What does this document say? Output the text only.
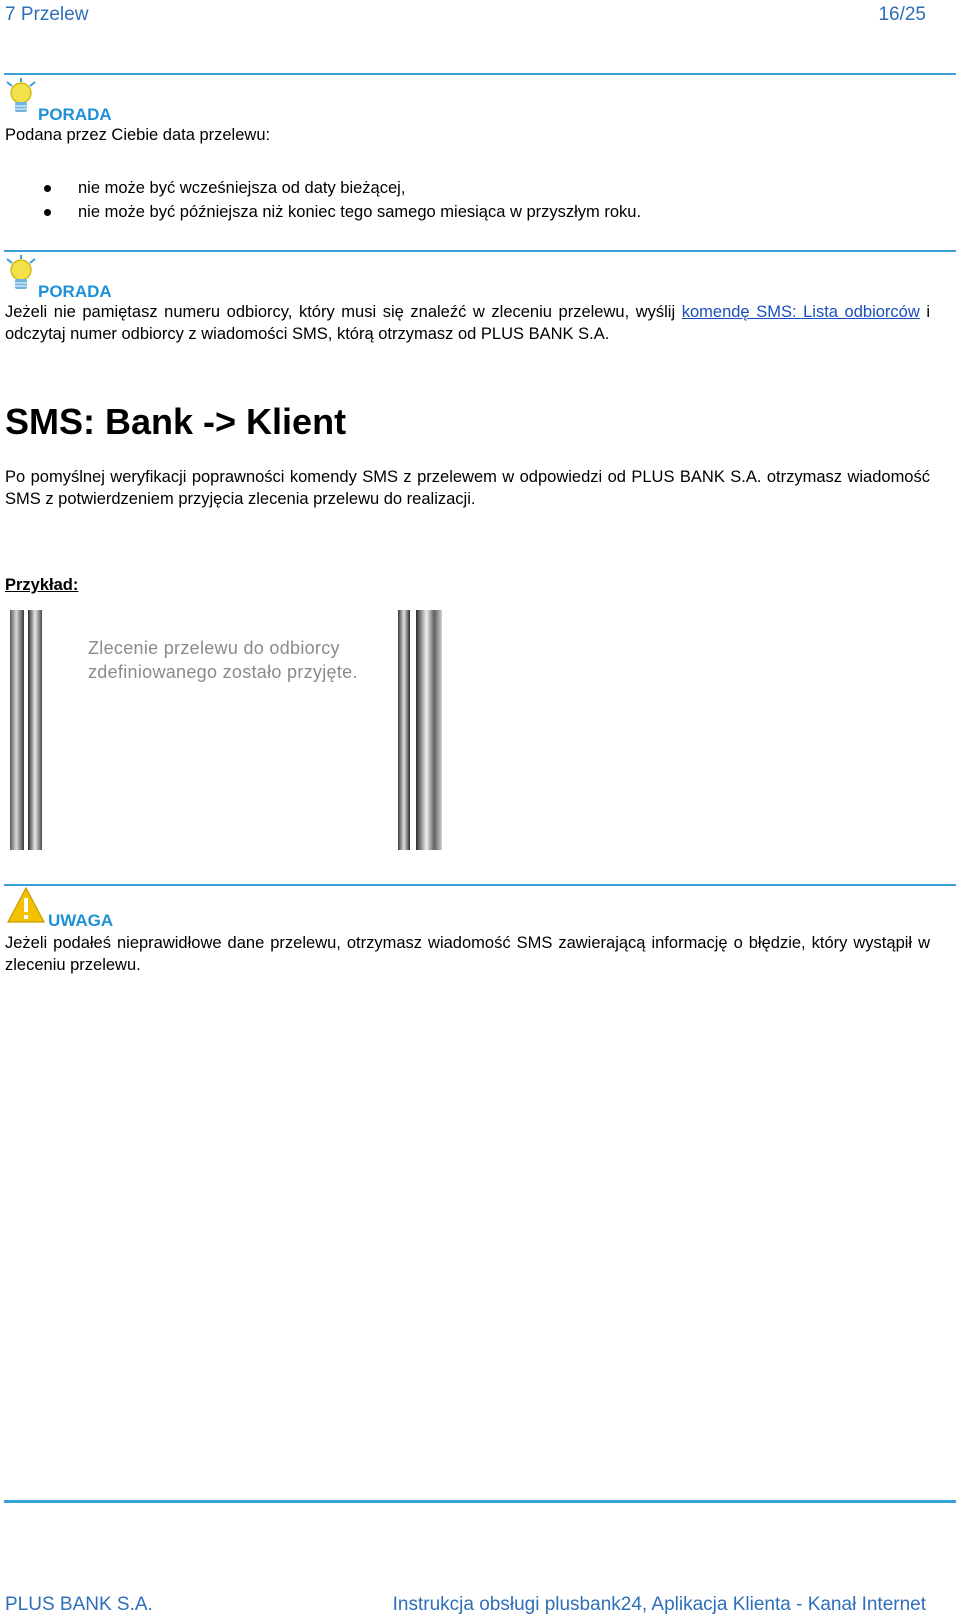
7 Przelew	16/25
PORADA
Podana przez Ciebie data przelewu:
nie może być wcześniejsza od daty bieżącej,
nie może być późniejsza niż koniec tego samego miesiąca w przyszłym roku.
PORADA
Jeżeli nie pamiętasz numeru odbiorcy, który musi się znaleźć w zleceniu przelewu, wyślij komendę SMS: Lista odbiorców i odczytaj numer odbiorcy z wiadomości SMS, którą otrzymasz od PLUS BANK S.A.
SMS: Bank -> Klient
Po pomyślnej weryfikacji poprawności komendy SMS z przelewem w odpowiedzi od PLUS BANK S.A. otrzymasz wiadomość SMS z potwierdzeniem przyjęcia zlecenia przelewu do realizacji.
Przykład:
Zlecenie przelewu do odbiorcy zdefiniowanego zostało przyjęte.
UWAGA
Jeżeli podałeś nieprawidłowe dane przelewu, otrzymasz wiadomość SMS zawierającą informację o błędzie, który wystąpił w zleceniu przelewu.
PLUS BANK S.A.	Instrukcja obsługi plusbank24, Aplikacja Klienta - Kanał Internet
